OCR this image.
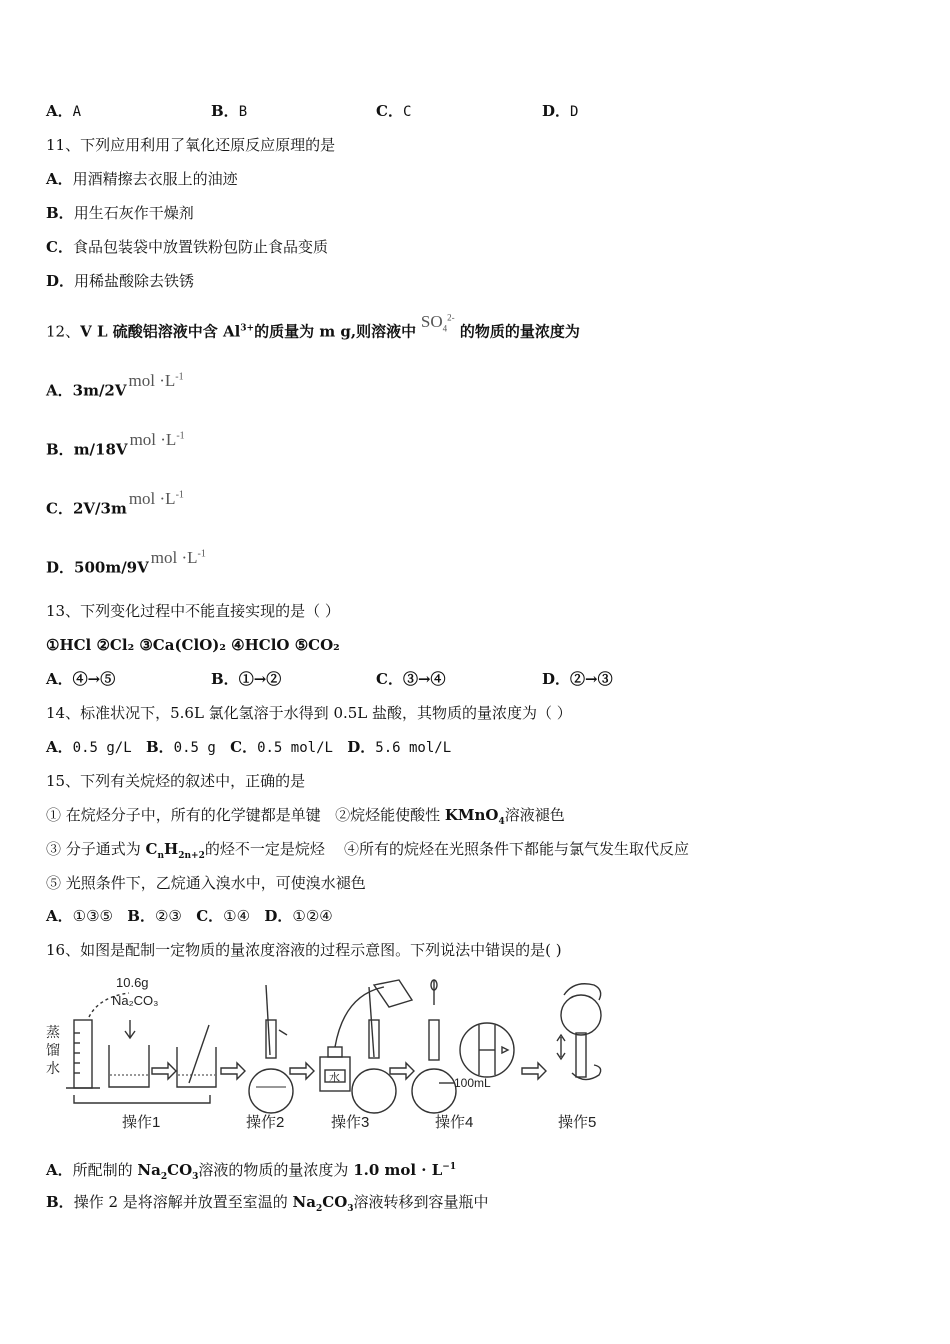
A．A	B．B	C．C	D．D
11、下列应用利用了氧化还原反应原理的是
A．用酒精擦去衣服上的油迹
B．用生石灰作干燥剂
C．食品包装袋中放置铁粉包防止食品变质
D．用稀盐酸除去铁锈
12、V L 硫酸铝溶液中含 $Al^{3+}$的质量为 m g,则溶液中 $SO_4^{2-}$ 的物质的量浓度为
A．3m/2Vmol $\cdot L^{-1}$
B．m/18Vmol $\cdot L^{-1}$
C．2V/3mmol $\cdot L^{-1}$
D．500m/9Vmol $\cdot L^{-1}$
13、下列变化过程中不能直接实现的是（ ）
①HCl ②Cl₂ ③Ca(ClO)₂ ④HClO ⑤CO₂
A．④→⑤	B．①→②	C．③→④	D．②→③
14、标准状况下，5.6L 氯化氢溶于水得到 0.5L 盐酸，其物质的量浓度为（ ）
A．0.5 g/L B．0.5 g C．0.5 mol/L D．5.6 mol/L
15、下列有关烷烃的叙述中，正确的是
① 在烷烃分子中，所有的化学键都是单键 ②烷烃能使酸性 KMnO$_4$溶液褪色
③ 分子通式为 $C_nH_{2n+2}$的烃不一定是烷烃 ④所有的烷烃在光照条件下都能与氯气发生取代反应
⑤ 光照条件下，乙烷通入溴水中，可使溴水褪色
A．①③⑤ B．②③ C．①④ D．①②④
16、如图是配制一定物质的量浓度溶液的过程示意图。下列说法中错误的是( )
10.6g
Na₂CO₃
蒸
馏
水
水	100mL
操作1	操作2	操作3	操作4	操作5
A．所配制的 $Na_2CO_3$溶液的物质的量浓度为 1.0 mol · $L^{-1}$
B．操作 2 是将溶解并放置至室温的 $Na_2CO_3$溶液转移到容量瓶中
